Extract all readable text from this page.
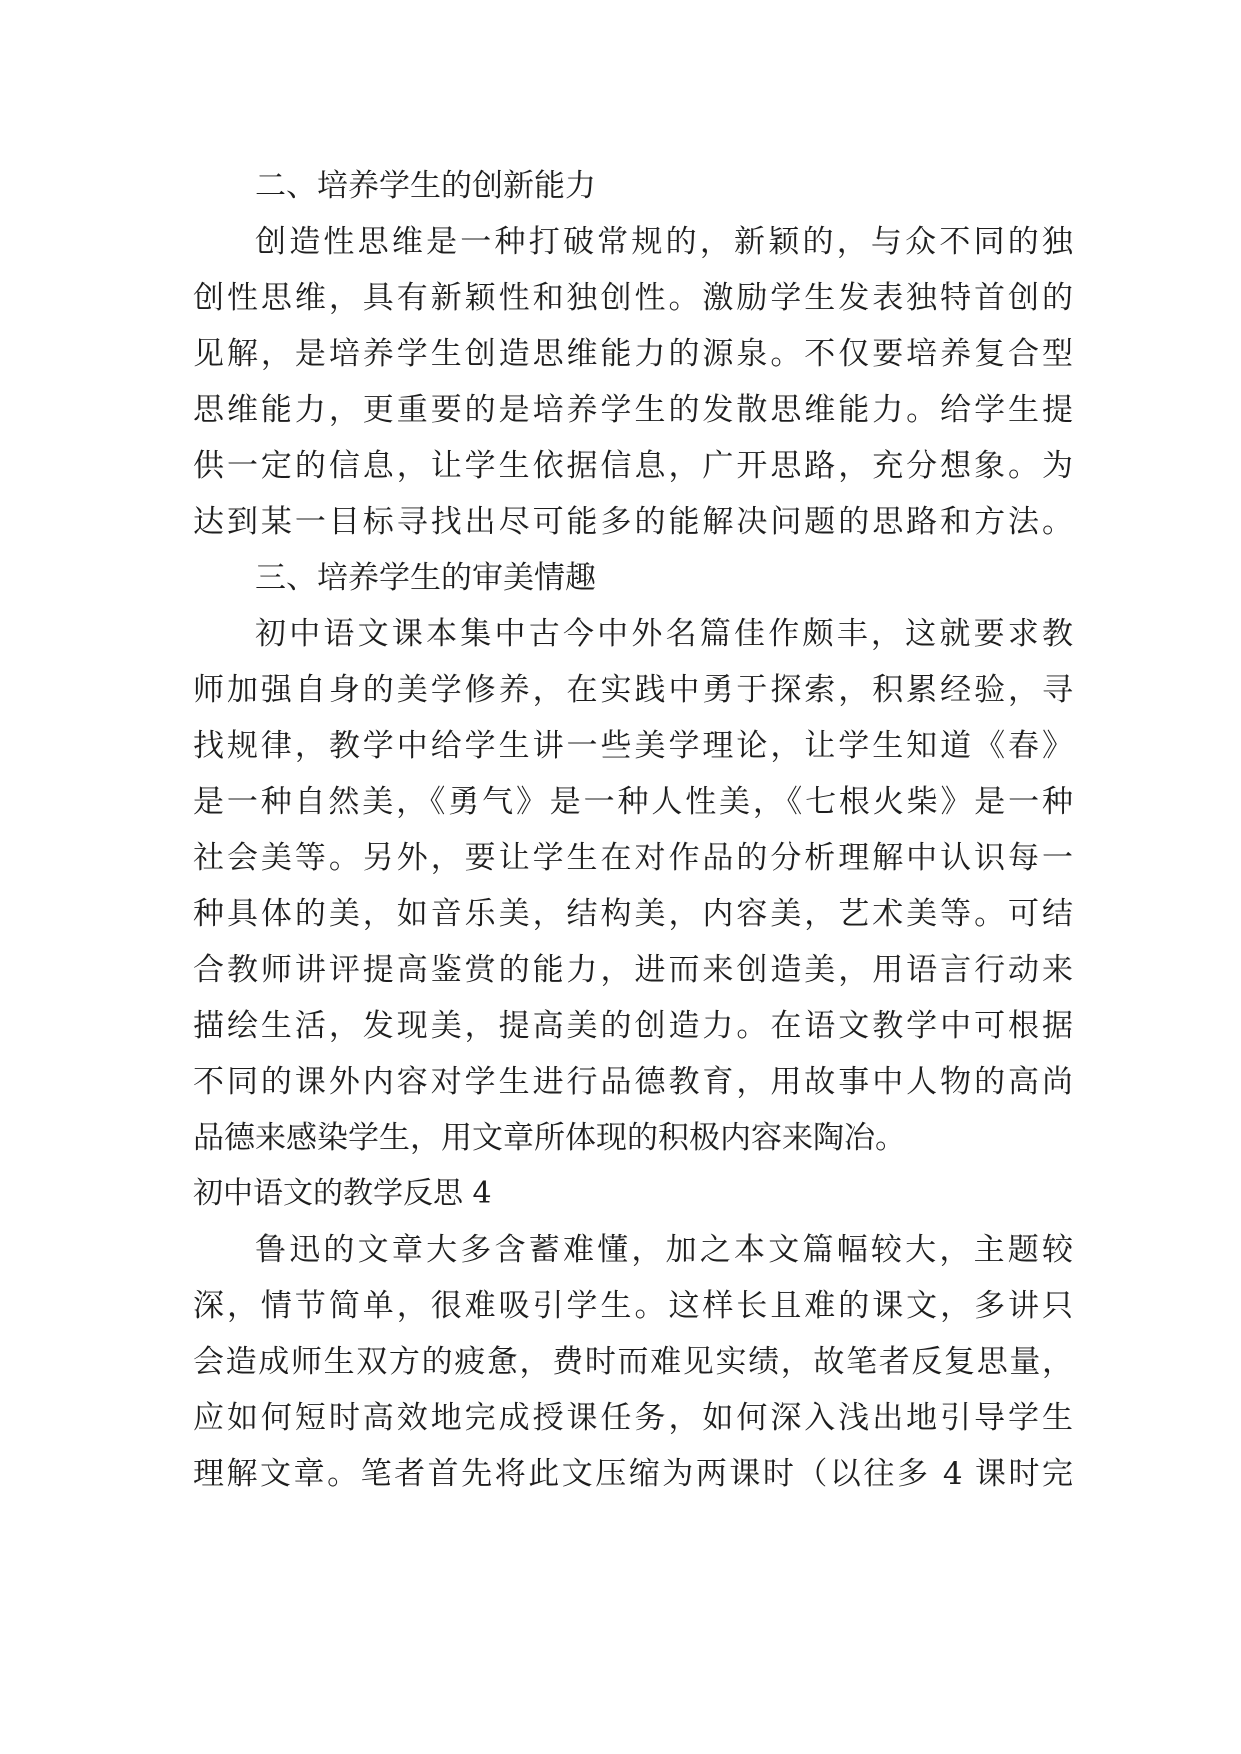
二、培养学生的创新能力
创造性思维是一种打破常规的，新颖的，与众不同的独
创性思维，具有新颖性和独创性。激励学生发表独特首创的
见解，是培养学生创造思维能力的源泉。不仅要培养复合型
思维能力，更重要的是培养学生的发散思维能力。给学生提
供一定的信息，让学生依据信息，广开思路，充分想象。为
达到某一目标寻找出尽可能多的能解决问题的思路和方法。
三、培养学生的审美情趣
初中语文课本集中古今中外名篇佳作颇丰，这就要求教
师加强自身的美学修养，在实践中勇于探索，积累经验，寻
找规律，教学中给学生讲一些美学理论，让学生知道《春》
是一种自然美，《勇气》是一种人性美，《七根火柴》是一种
社会美等。另外，要让学生在对作品的分析理解中认识每一
种具体的美，如音乐美，结构美，内容美，艺术美等。可结
合教师讲评提高鉴赏的能力，进而来创造美，用语言行动来
描绘生活，发现美，提高美的创造力。在语文教学中可根据
不同的课外内容对学生进行品德教育，用故事中人物的高尚
品德来感染学生，用文章所体现的积极内容来陶冶。
初中语文的教学反思 4
鲁迅的文章大多含蓄难懂，加之本文篇幅较大，主题较
深，情节简单，很难吸引学生。这样长且难的课文，多讲只
会造成师生双方的疲惫，费时而难见实绩，故笔者反复思量，
应如何短时高效地完成授课任务，如何深入浅出地引导学生
理解文章。笔者首先将此文压缩为两课时（以往多 4 课时完
